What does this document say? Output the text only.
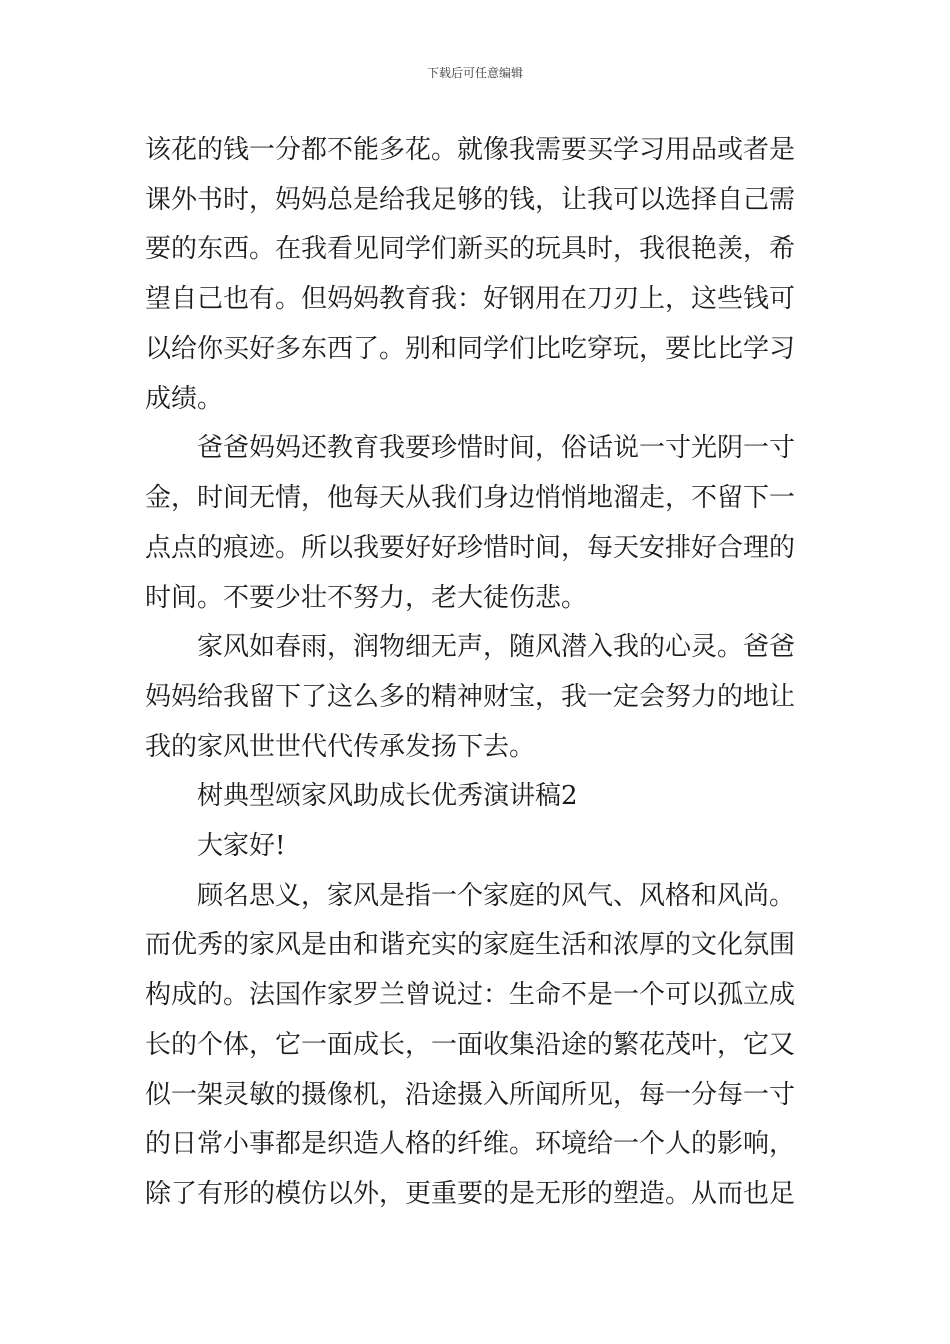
下载后可任意编辑
该花的钱一分都不能多花。就像我需要买学习用品或者是
课外书时，妈妈总是给我足够的钱，让我可以选择自己需
要的东西。在我看见同学们新买的玩具时，我很艳羡，希
望自己也有。但妈妈教育我：好钢用在刀刃上，这些钱可
以给你买好多东西了。别和同学们比吃穿玩，要比比学习
成绩。
爸爸妈妈还教育我要珍惜时间，俗话说一寸光阴一寸
金，时间无情，他每天从我们身边悄悄地溜走，不留下一
点点的痕迹。所以我要好好珍惜时间，每天安排好合理的
时间。不要少壮不努力，老大徒伤悲。
家风如春雨，润物细无声，随风潜入我的心灵。爸爸
妈妈给我留下了这么多的精神财宝，我一定会努力的地让
我的家风世世代代传承发扬下去。
树典型颂家风助成长优秀演讲稿2
大家好!
顾名思义，家风是指一个家庭的风气、风格和风尚。
而优秀的家风是由和谐充实的家庭生活和浓厚的文化氛围
构成的。法国作家罗兰曾说过：生命不是一个可以孤立成
长的个体，它一面成长，一面收集沿途的繁花茂叶，它又
似一架灵敏的摄像机，沿途摄入所闻所见，每一分每一寸
的日常小事都是织造人格的纤维。环境给一个人的影响，
除了有形的模仿以外，更重要的是无形的塑造。从而也足
